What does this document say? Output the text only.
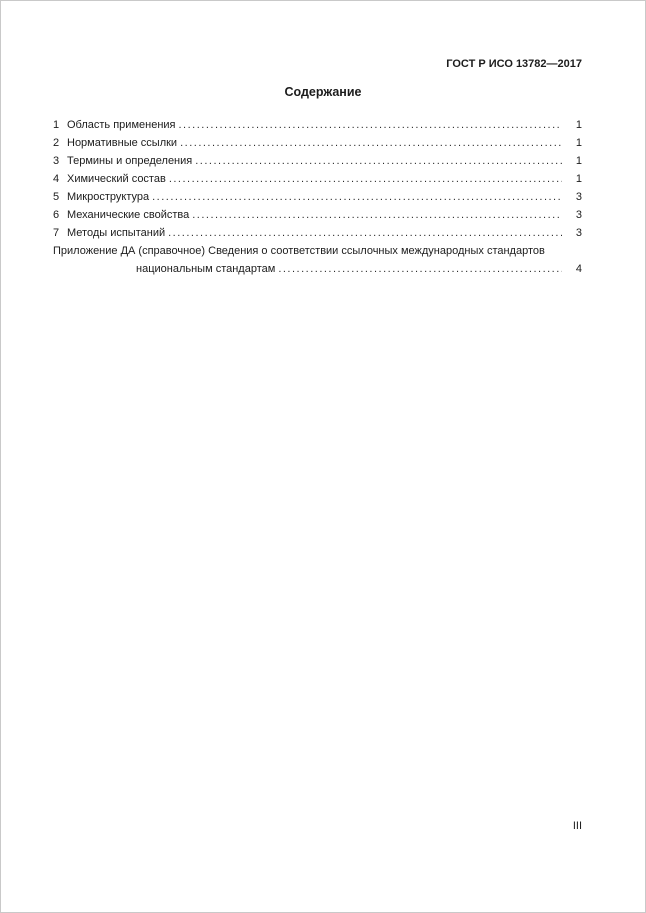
ГОСТ Р ИСО 13782—2017
Содержание
1 Область применения .....	1
2 Нормативные ссылки .....	1
3 Термины и определения .....	1
4 Химический состав .....	1
5 Микроструктура .....	3
6 Механические свойства .....	3
7 Методы испытаний .....	3
Приложение ДА (справочное) Сведения о соответствии ссылочных международных стандартов
национальным стандартам .....	4
III
